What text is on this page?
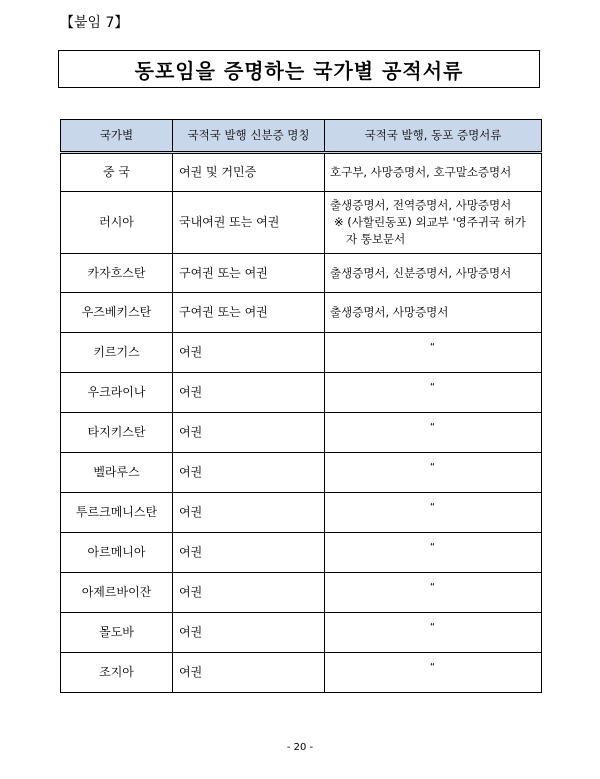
【붙임 7】
동포임을 증명하는 국가별 공적서류
국가별	국적국 발행 신분증 명칭	국적국 발행, 동포 증명서류
중 국	여권 및 거민증	호구부, 사망증명서, 호구말소증명서
러시아	국내여권 또는 여권	출생증명서, 전역증명서, 사망증명서
※ (사할린동포) 외교부 '영주귀국 허가
자 통보문서

카자흐스탄	구여권 또는 여권	출생증명서, 신분증명서, 사망증명서
우즈베키스탄	구여권 또는 여권	출생증명서, 사망증명서
키르기스	여권	“
우크라이나	여권	“
타지키스탄	여권	“
벨라루스	여권	“
투르크메니스탄	여권	“
아르메니아	여권	“
아제르바이잔	여권	“
몰도바	여권	“
조지아	여권	“
- 20 -
